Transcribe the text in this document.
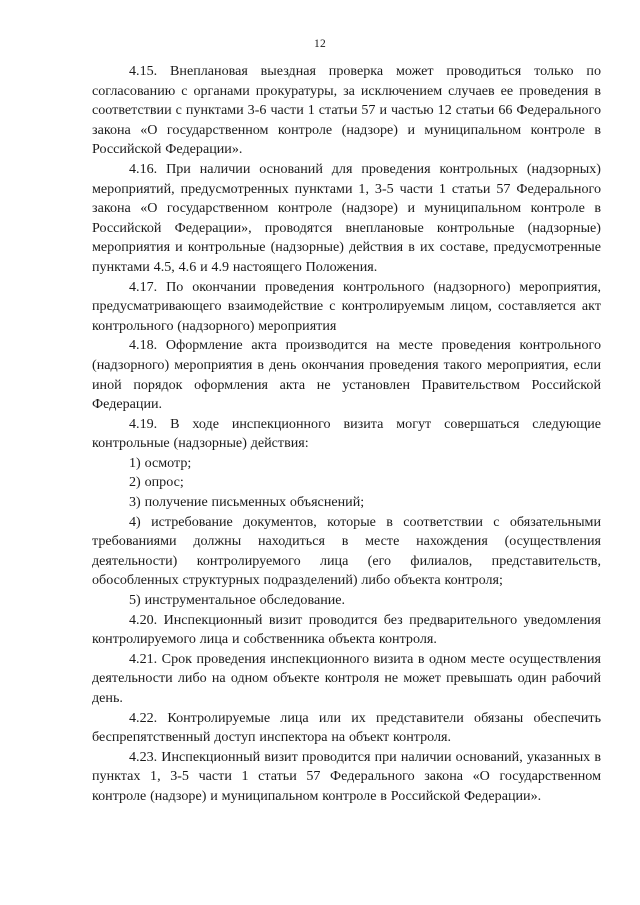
12

4.15. Внеплановая выездная проверка может проводиться только по согласованию с органами прокуратуры, за исключением случаев ее проведения в соответствии с пунктами 3-6 части 1 статьи 57 и частью 12 статьи 66 Федерального закона «О государственном контроле (надзоре) и муниципальном контроле в Российской Федерации».

4.16. При наличии оснований для проведения контрольных (надзорных) мероприятий, предусмотренных пунктами 1, 3-5 части 1 статьи 57 Федерального закона «О государственном контроле (надзоре) и муниципальном контроле в Российской Федерации», проводятся внеплановые контрольные (надзорные) мероприятия и контрольные (надзорные) действия в их составе, предусмотренные пунктами 4.5, 4.6 и 4.9 настоящего Положения.

4.17. По окончании проведения контрольного (надзорного) мероприятия, предусматривающего взаимодействие с контролируемым лицом, составляется акт контрольного (надзорного) мероприятия

4.18. Оформление акта производится на месте проведения контрольного (надзорного) мероприятия в день окончания проведения такого мероприятия, если иной порядок оформления акта не установлен Правительством Российской Федерации.

4.19. В ходе инспекционного визита могут совершаться следующие контрольные (надзорные) действия:

1) осмотр;

2) опрос;

3) получение письменных объяснений;

4) истребование документов, которые в соответствии с обязательными требованиями должны находиться в месте нахождения (осуществления деятельности) контролируемого лица (его филиалов, представительств, обособленных структурных подразделений) либо объекта контроля;

5) инструментальное обследование.

4.20. Инспекционный визит проводится без предварительного уведомления контролируемого лица и собственника объекта контроля.

4.21. Срок проведения инспекционного визита в одном месте осуществления деятельности либо на одном объекте контроля не может превышать один рабочий день.

4.22. Контролируемые лица или их представители обязаны обеспечить беспрепятственный доступ инспектора на объект контроля.

4.23. Инспекционный визит проводится при наличии оснований, указанных в пунктах 1, 3-5 части 1 статьи 57 Федерального закона «О государственном контроле (надзоре) и муниципальном контроле в Российской Федерации».
